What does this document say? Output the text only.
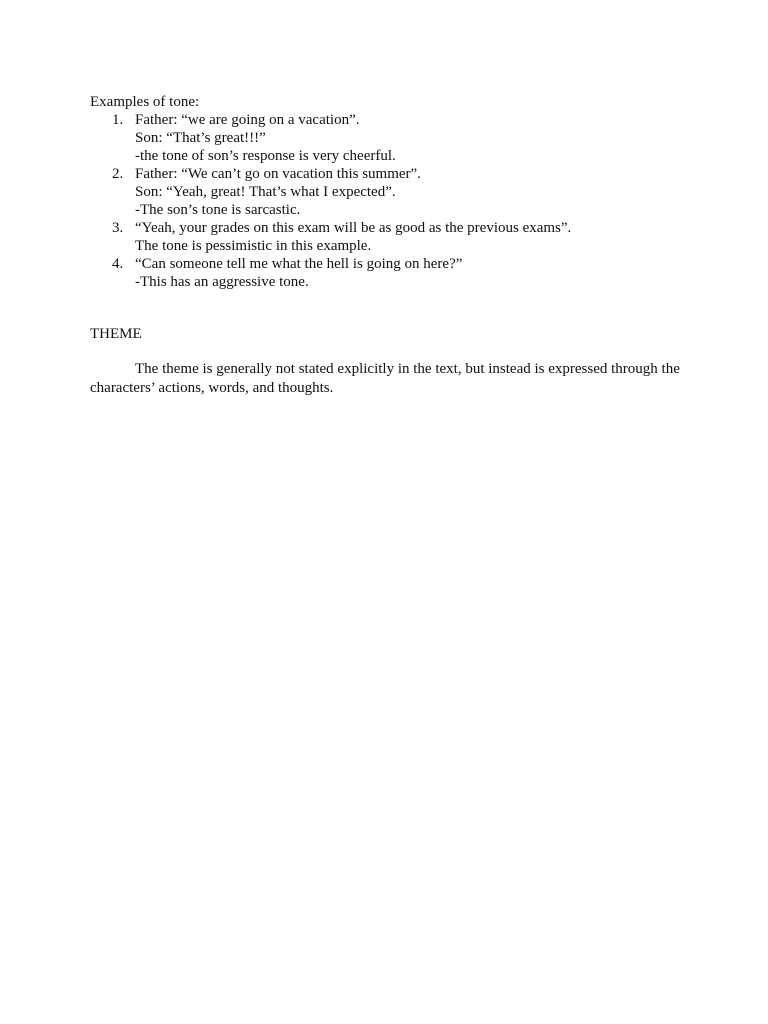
Examples of tone:
1. Father: “we are going on a vacation”.
Son: “That’s great!!!”
-the tone of son’s response is very cheerful.
2. Father: “We can’t go on vacation this summer”.
Son: “Yeah, great! That’s what I expected”.
-The son’s tone is sarcastic.
3. “Yeah, your grades on this exam will be as good as the previous exams”.
The tone is pessimistic in this example.
4. “Can someone tell me what the hell is going on here?”
-This has an aggressive tone.
THEME
The theme is generally not stated explicitly in the text, but instead is expressed through the characters’ actions, words, and thoughts.
